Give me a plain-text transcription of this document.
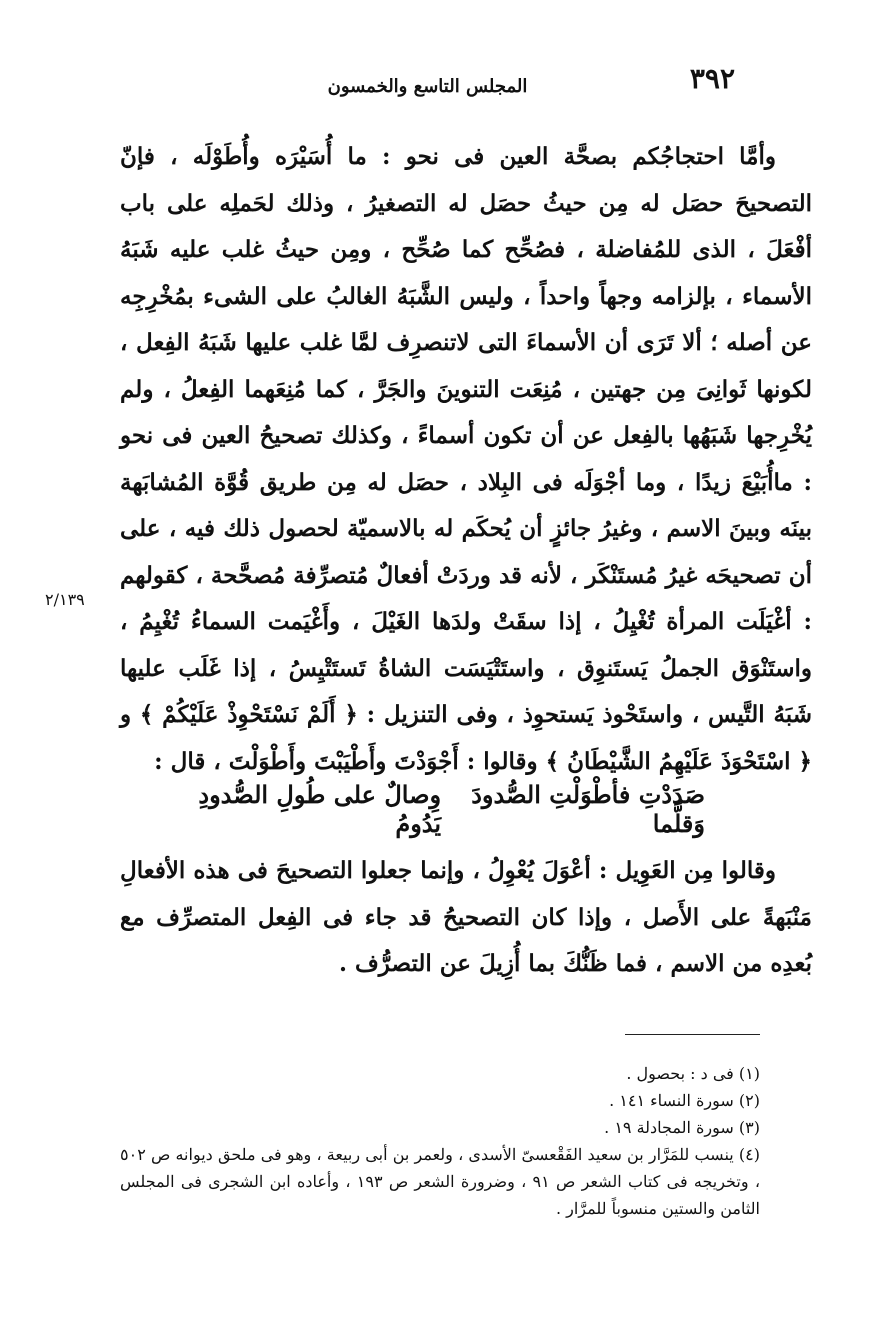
٣٩٢
المجلس التاسع والخمسون

وأمَّا احتجاجُكم بصحَّة العين فى نحو : ما أُسَيْرَه وأُطَوْلَه ، فإنّ التصحيحَ حصَل له مِن حيثُ حصَل له التصغيرُ ، وذلك لحَملِه على باب أفْعَلَ ، الذى للمُفاضلة ، فصُحِّح كما صُحِّح ، ومِن حيثُ غلب عليه شَبَهُ الأسماء ، بإلزامه وجهاً واحداً ، وليس الشَّبَهُ الغالبُ على الشىء بمُخْرِجِه عن أصله ؛ ألا تَرَى أن الأسماءَ التى لاتنصرِف لمَّا غلب عليها شَبَهُ الفِعل ، لكونها ثَوانِىَ مِن جهتين ، مُنِعَت التنوينَ والجَرَّ ، كما مُنِعَهما الفِعلُ ، ولم يُخْرِجها شَبَهُها بالفِعل عن أن تكون أسماءً ، وكذلك تصحيحُ العين فى نحو : ماأُبَيْعَ زيدًا ، وما أجْوَلَه فى البِلاد ، حصَل له مِن طريق قُوَّة المُشابَهة بينَه وبينَ الاسم ، وغيرُ جائزٍ أن يُحكَم له بالاسميّة لحصول ذلك فيه ، على أن تصحيحَه غيرُ مُستَنْكَر ، لأنه قد وردَتْ أفعالٌ مُتصرِّفة مُصحَّحة ، كقولهم : أغْيَلَت المرأة تُغْيِلُ ، إذا سقَتْ ولدَها الغَيْلَ ، وأَغْيَمت السماءُ تُغْيِمُ ، واستَنْوَق الجملُ يَستَنوِق ، واستَتْيَسَت الشاةُ تَستَتْيِسُ ، إذا غَلَب عليها شَبَهُ التَّيس ، واستَحْوذ يَستحوِذ ، وفى التنزيل : ﴿ أَلَمْ نَسْتَحْوِذْ عَلَيْكُمْ ﴾ و ﴿ اسْتَحْوَذَ عَلَيْهِمُ الشَّيْطَانُ ﴾ وقالوا : أَجْوَدْتَ وأَطْيَبْتَ وأَطْوَلْتَ ، قال :

٢/١٣٩
صَدَدْتِ فأطْوَلْتِ الصُّدودَ وَقلَّما
وِصالٌ على طُولِ الصُّدودِ يَدُومُ

وقالوا مِن العَوِيل : أعْوَلَ يُعْوِلُ ، وإنما جعلوا التصحيحَ فى هذه الأفعالِ مَنْبَهةً على الأَصل ، وإذا كان التصحيحُ قد جاء فى الفِعل المتصرِّف مع بُعدِه من الاسم ، فما ظَنُّكَ بما أُزِيلَ عن التصرُّف .

(١) فى د : بحصول .

(٢) سورة النساء ١٤١ .

(٣) سورة المجادلة ١٩ .

(٤) ينسب للمَرَّار بن سعيد الفَقْعسىّ الأسدى ، ولعمر بن أبى ربيعة ، وهو فى ملحق ديوانه ص ٥٠٢ ، وتخريجه فى كتاب الشعر ص ٩١ ، وضرورة الشعر ص ١٩٣ ، وأعاده ابن الشجرى فى المجلس الثامن والستين منسوباً للمرَّار .
